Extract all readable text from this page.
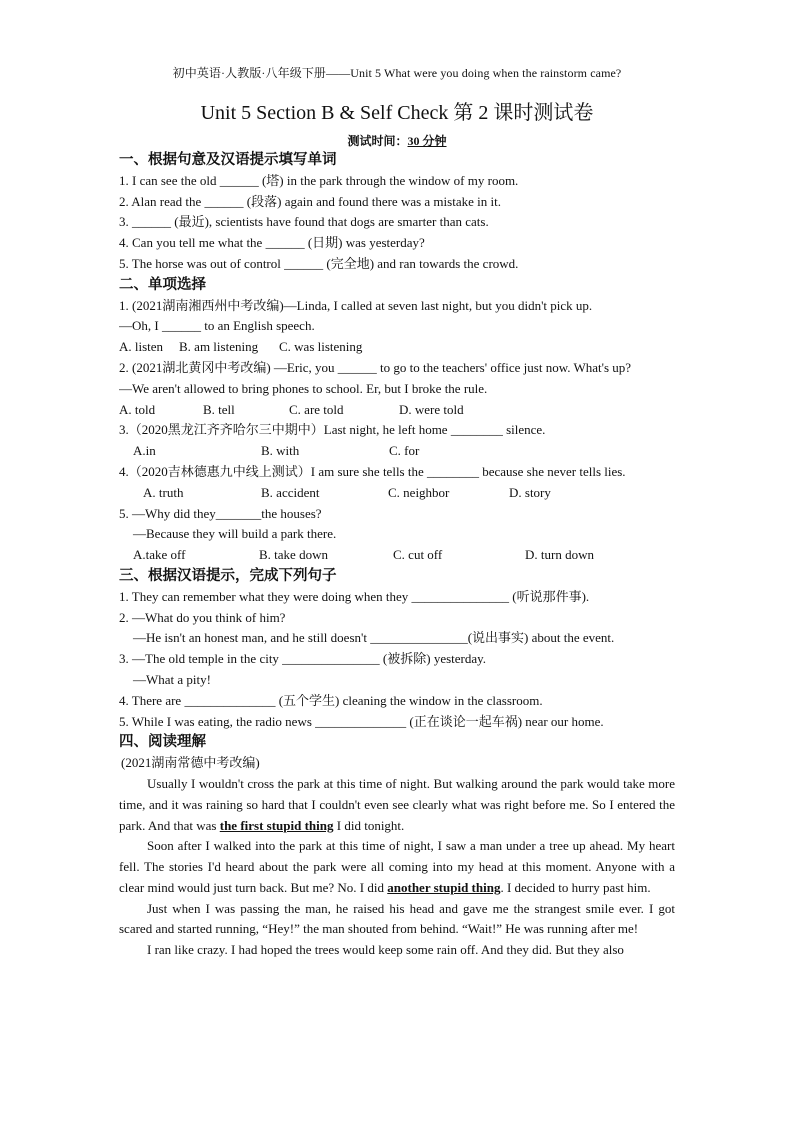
初中英语·人教版·八年级下册——Unit 5 What were you doing when the rainstorm came?
Unit 5 Section B & Self Check 第 2 课时测试卷
测试时间：30 分钟
一、根据句意及汉语提示填写单词
1. I can see the old ______ (塔) in the park through the window of my room.
2. Alan read the ______ (段落) again and found there was a mistake in it.
3. ______ (最近), scientists have found that dogs are smarter than cats.
4. Can you tell me what the ______ (日期) was yesterday?
5. The horse was out of control ______ (完全地) and ran towards the crowd.
二、单项选择
1. (2021湖南湘西州中考改编)—Linda, I called at seven last night, but you didn't pick up.
—Oh, I ______ to an English speech.
A. listen	B. am listening	C. was listening
2. (2021湖北黄冈中考改编) —Eric, you ______ to go to the teachers' office just now. What's up?
—We aren't allowed to bring phones to school. Er, but I broke the rule.
A. told	B. tell	C. are told	D. were told
3.（2020黑龙江齐齐哈尔三中期中）Last night, he left home ________ silence.
A.in	B. with	C. for
4.（2020吉林德惠九中线上测试）I am sure she tells the ________ because she never tells lies.
A. truth	B. accident	C. neighbor	D. story
5. —Why did they_______the houses?
—Because they will build a park there.
A.take off	B. take down	C. cut off	D. turn down
三、根据汉语提示，完成下列句子
1. They can remember what they were doing when they _______________ (听说那件事).
2. —What do you think of him?
—He isn't an honest man, and he still doesn't _______________(说出事实) about the event.
3. —The old temple in the city _______________ (被拆除) yesterday.
—What a pity!
4. There are ______________ (五个学生) cleaning the window in the classroom.
5. While I was eating, the radio news ______________ (正在谈论一起车祸) near our home.
四、阅读理解
(2021湖南常德中考改编)
Usually I wouldn't cross the park at this time of night. But walking around the park would take more time, and it was raining so hard that I couldn't even see clearly what was right before me. So I entered the park. And that was the first stupid thing I did tonight.
Soon after I walked into the park at this time of night, I saw a man under a tree up ahead. My heart fell. The stories I'd heard about the park were all coming into my head at this moment. Anyone with a clear mind would just turn back. But me? No. I did another stupid thing. I decided to hurry past him.
Just when I was passing the man, he raised his head and gave me the strangest smile ever. I got scared and started running, “Hey!” the man shouted from behind. “Wait!” He was running after me!
I ran like crazy. I had hoped the trees would keep some rain off. And they did. But they also
